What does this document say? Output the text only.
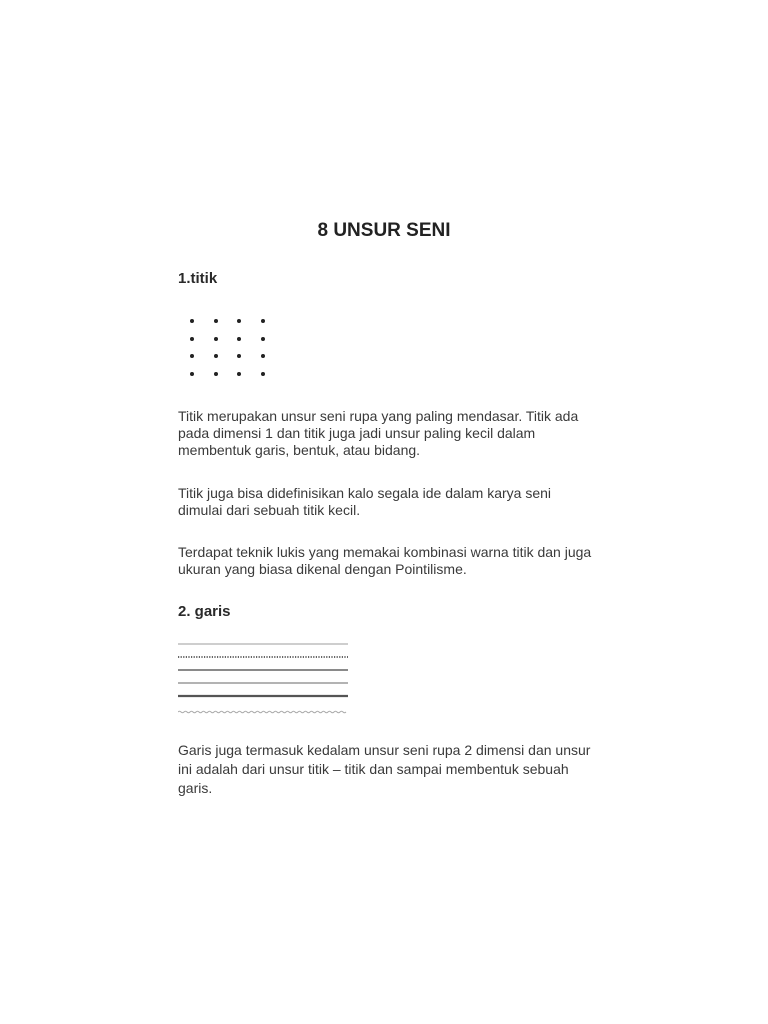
8 UNSUR SENI
1.titik

Titik merupakan unsur seni rupa yang paling mendasar. Titik ada pada dimensi 1 dan titik juga jadi unsur paling kecil dalam membentuk garis, bentuk, atau bidang.

Titik juga bisa didefinisikan kalo segala ide dalam karya seni dimulai dari sebuah titik kecil.

Terdapat teknik lukis yang memakai kombinasi warna titik dan juga ukuran yang biasa dikenal dengan Pointilisme.

2. garis

Garis juga termasuk kedalam unsur seni rupa 2 dimensi dan unsur ini adalah dari unsur titik – titik dan sampai membentuk sebuah garis.
